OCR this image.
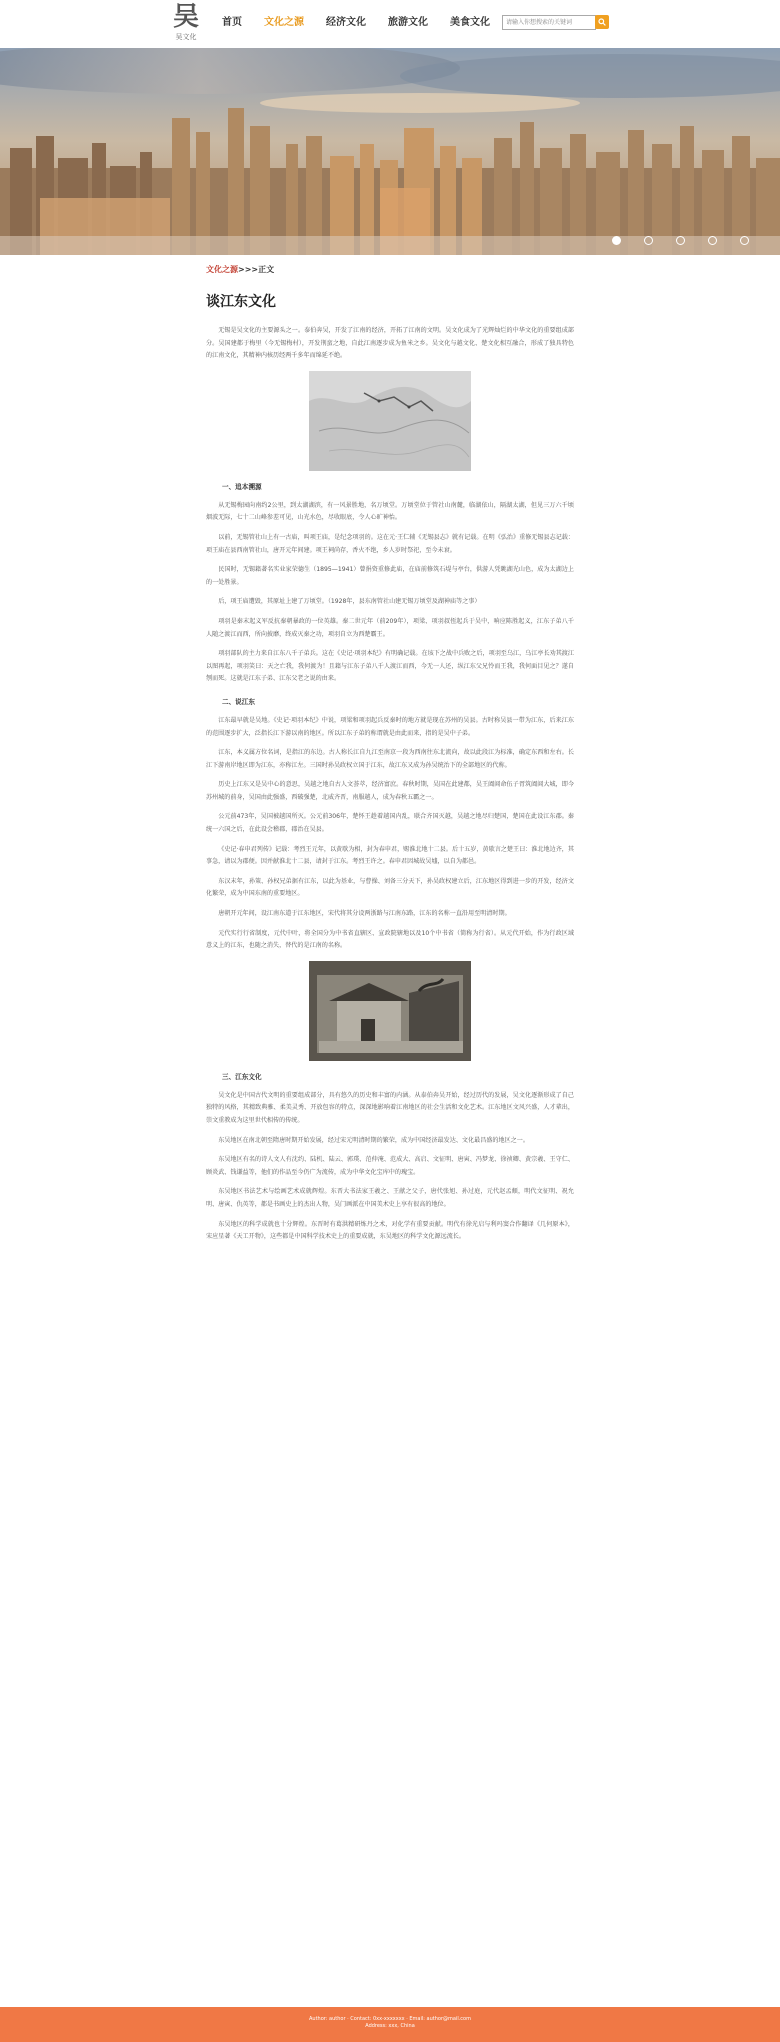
吴
吴文化
首页 文化之源 经济文化 旅游文化 美食文化	请输入你想搜索的关键词
文化之源>>>正文
谈江东文化

无锡是吴文化的主要源头之一。泰伯奔吴，开发了江南的经济，开拓了江南的文明。吴文化成为了光辉灿烂的中华文化的重要组成部分。吴国建都于梅里（今无锡梅村），开发荆蛮之地，自此江南逐步成为鱼米之乡。吴文化与越文化、楚文化相互融合，形成了独具特色的江南文化，其精神内核历经两千多年而绵延不绝。

一、追本溯源

从无锡梅园向南约2公里，到太湖湖滨，有一风景胜地，名万顷堂。万顷堂位于管社山南麓，临湖依山，隔湖太湖，但见三万六千顷烟波无际，七十二山峰参差可见，山光水色，尽收眼底，令人心旷神怡。

以前，无锡管社山上有一古庙，叫项王庙，是纪念项羽的。这在元·王仁辅《无锡县志》就有记载。在明《弘治》重修无锡县志记载：项王庙在县西南管社山，唐开元年间建。项王祠尚存，香火不绝，乡人岁时祭祀，至今未衰。

民国时，无锡籍著名实业家荣德生（1895—1941）曾捐资重修此庙，在庙前修筑石堤与亭台，供游人凭眺湖光山色，成为太湖边上的一处胜景。

后，项王庙遭毁，其原址上建了万顷堂。（1928年，县东南管社山建无锡万顷堂及湖神庙等之事）

项羽是秦末起义军反抗秦朝暴政的一位英雄。秦二世元年（前209年），项梁、项羽叔侄起兵于吴中，响应陈胜起义，江东子弟八千人随之渡江而西，所向披靡，终成灭秦之功，项羽自立为西楚霸王。

项羽部队的主力来自江东八千子弟兵。这在《史记·项羽本纪》有明确记载。在垓下之战中兵败之后，项羽至乌江，乌江亭长劝其渡江以图再起，项羽笑曰：天之亡我，我何渡为！且籍与江东子弟八千人渡江而西，今无一人还，纵江东父兄怜而王我，我何面目见之？遂自刎而死。这就是江东子弟、江东父老之说的由来。

二、说江东

江东最早就是吴地。《史记·项羽本纪》中说，项梁和项羽起兵反秦时的地方就是现在苏州的吴县。古时称吴县一带为江东，后来江东的范围逐步扩大，泛指长江下游以南的地区。所以江东子弟的称谓就是由此而来，指的是吴中子弟。

江东，本义属方位名词，是指江的东边。古人称长江自九江至南京一段为西南往东北流向，故以此段江为标准，确定东西和左右。长江下游南岸地区即为江东，亦称江左。三国时孙吴政权立国于江东，故江东又成为孙吴统治下的全部地区的代称。

历史上江东又是吴中心的意思，吴越之地自古人文荟萃，经济富庶。春秋时期，吴国在此建都，吴王阖闾命伍子胥筑阖闾大城，即今苏州城的前身，吴国由此强盛，西破强楚，北威齐晋，南服越人，成为春秋五霸之一。

公元前473年，吴国被越国所灭。公元前306年，楚怀王趁着越国内乱，联合齐国灭越，吴越之地尽归楚国，楚国在此设江东郡。秦统一六国之后，在此设会稽郡，郡治在吴县。

《史记·春申君列传》记载：考烈王元年，以黄歇为相，封为春申君，赐淮北地十二县。后十五岁，黄歇言之楚王曰：淮北地边齐，其事急，请以为郡便。因并献淮北十二县，请封于江东。考烈王许之。春申君因城故吴墟，以自为都邑。

东汉末年，孙策、孙权兄弟据有江东，以此为基业，与曹操、刘备三分天下，孙吴政权建立后，江东地区得到进一步的开发，经济文化繁荣，成为中国东南的重要地区。

唐朝开元年间，设江南东道于江东地区，宋代将其分设两浙路与江南东路，江东的名称一直沿用至明清时期。

元代实行行省制度，元代中叶，将全国分为中书省直辖区、宣政院辖地以及10个中书省（简称为行省）。从元代开始，作为行政区域意义上的江东，也随之消失，替代的是江南的名称。

三、江东文化

吴文化是中国古代文明的重要组成部分，具有悠久的历史和丰富的内涵。从泰伯奔吴开始，经过历代的发展，吴文化逐渐形成了自己独特的风格，其精致典雅、柔美灵秀、开放包容的特点，深深地影响着江南地区的社会生活和文化艺术。江东地区文风兴盛，人才辈出，崇文重教成为这里世代相传的传统。

东吴地区在南北朝至隋唐时期开始发展，经过宋元明清时期的繁荣，成为中国经济最发达、文化最昌盛的地区之一。

东吴地区有名的诗人文人有沈约、陆机、陆云、郭璞、范仲淹、范成大、高启、文征明、唐寅、冯梦龙、徐祯卿、黄宗羲、王守仁、顾炎武、钱谦益等，他们的作品至今仍广为流传，成为中华文化宝库中的瑰宝。

东吴地区书法艺术与绘画艺术成就辉煌。东晋大书法家王羲之、王献之父子，唐代张旭、孙过庭，元代赵孟頫，明代文征明、祝允明、唐寅、仇英等，都是书画史上的杰出人物，吴门画派在中国美术史上享有很高的地位。

东吴地区的科学成就也十分辉煌。东晋时有葛洪精研炼丹之术，对化学有重要贡献。明代有徐光启与利玛窦合作翻译《几何原本》，宋应星著《天工开物》，这些都是中国科学技术史上的重要成就，东吴地区的科学文化源远流长。

Author: author · Contact: 0xx-xxxxxxx · Email: author@mail.com
Address: xxx, China
